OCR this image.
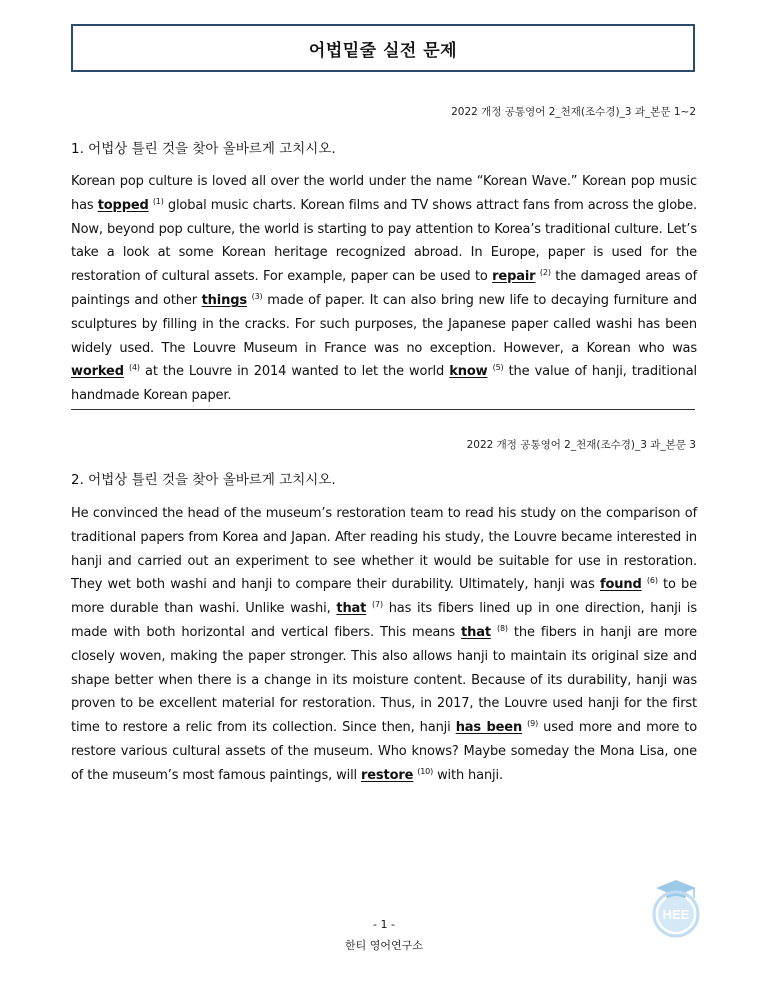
어법밑줄 실전 문제
2022 개정 공통영어 2_천재(조수경)_3 과_본문 1~2
1. 어법상 틀린 것을 찾아 올바르게 고치시오.

Korean pop culture is loved all over the world under the name “Korean Wave.” Korean pop music has topped $^{(1)}$ global music charts. Korean films and TV shows attract fans from across the globe. Now, beyond pop culture, the world is starting to pay attention to Korea’s traditional culture. Let’s take a look at some Korean heritage recognized abroad. In Europe, paper is used for the restoration of cultural assets. For example, paper can be used to repair $^{(2)}$ the damaged areas of paintings and other things $^{(3)}$ made of paper. It can also bring new life to decaying furniture and sculptures by filling in the cracks. For such purposes, the Japanese paper called washi has been widely used. The Louvre Museum in France was no exception. However, a Korean who was worked $^{(4)}$ at the Louvre in 2014 wanted to let the world know $^{(5)}$ the value of hanji, traditional handmade Korean paper.

2022 개정 공통영어 2_천재(조수경)_3 과_본문 3
2. 어법상 틀린 것을 찾아 올바르게 고치시오.

He convinced the head of the museum’s restoration team to read his study on the comparison of traditional papers from Korea and Japan. After reading his study, the Louvre became interested in hanji and carried out an experiment to see whether it would be suitable for use in restoration. They wet both washi and hanji to compare their durability. Ultimately, hanji was found $^{(6)}$ to be more durable than washi. Unlike washi, that $^{(7)}$ has its fibers lined up in one direction, hanji is made with both horizontal and vertical fibers. This means that $^{(8)}$ the fibers in hanji are more closely woven, making the paper stronger. This also allows hanji to maintain its original size and shape better when there is a change in its moisture content. Because of its durability, hanji was proven to be excellent material for restoration. Thus, in 2017, the Louvre used hanji for the first time to restore a relic from its collection. Since then, hanji has been $^{(9)}$ used more and more to restore various cultural assets of the museum. Who knows? Maybe someday the Mona Lisa, one of the museum’s most famous paintings, will restore $^{(10)}$ with hanji.

- 1 -
한티 영어연구소
HEE
